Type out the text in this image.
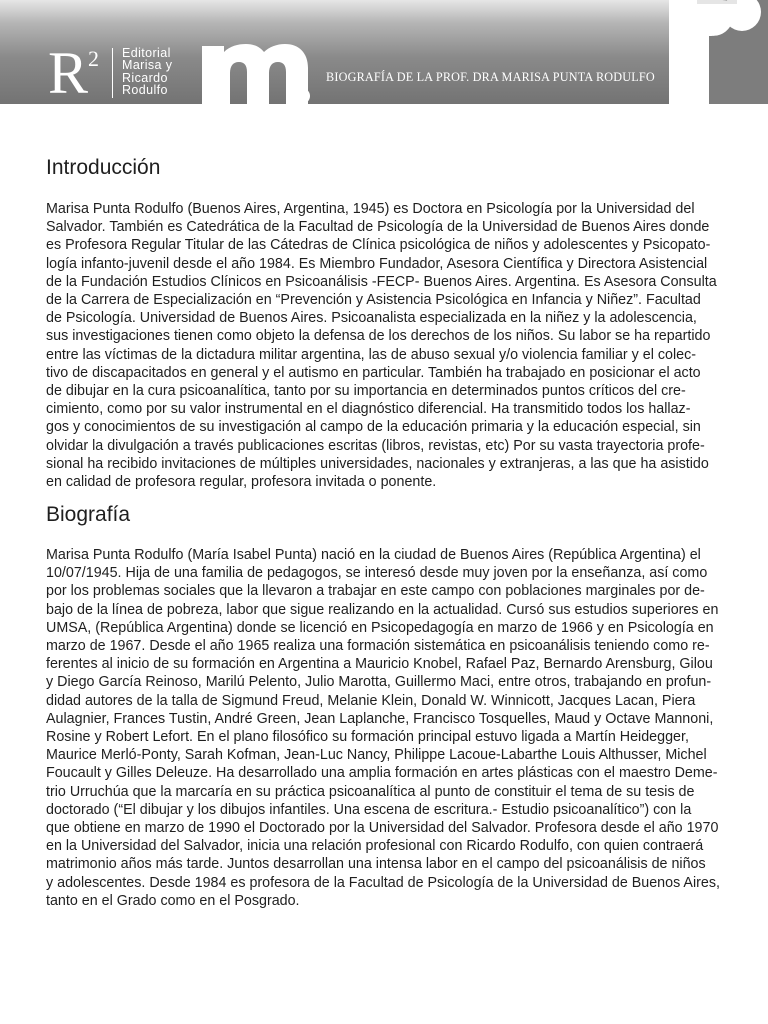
R 2 Editorial
Marisa y
Ricardo
Rodulfo
BIOGRAFÍA DE LA PROF. DRA MARISA PUNTA RODULFO
Introducción

Marisa Punta Rodulfo (Buenos Aires, Argentina, 1945) es Doctora en Psicología por la Universidad del
Salvador. También es Catedrática de la Facultad de Psicología de la Universidad de Buenos Aires donde
es Profesora Regular Titular de las Cátedras de Clínica psicológica de niños y adolescentes y Psicopato-
logía infanto-juvenil desde el año 1984. Es Miembro Fundador, Asesora Científica y Directora Asistencial
de la Fundación Estudios Clínicos en Psicoanálisis -FECP- Buenos Aires. Argentina. Es Asesora Consulta
de la Carrera de Especialización en “Prevención y Asistencia Psicológica en Infancia y Niñez”. Facultad
de Psicología. Universidad de Buenos Aires. Psicoanalista especializada en la niñez y la adolescencia,
sus investigaciones tienen como objeto la defensa de los derechos de los niños. Su labor se ha repartido
entre las víctimas de la dictadura militar argentina, las de abuso sexual y/o violencia familiar y el colec-
tivo de discapacitados en general y el autismo en particular. También ha trabajado en posicionar el acto
de dibujar en la cura psicoanalítica, tanto por su importancia en determinados puntos críticos del cre-
cimiento, como por su valor instrumental en el diagnóstico diferencial. Ha transmitido todos los hallaz-
gos y conocimientos de su investigación al campo de la educación primaria y la educación especial, sin
olvidar la divulgación a través publicaciones escritas (libros, revistas, etc) Por su vasta trayectoria profe-
sional ha recibido invitaciones de múltiples universidades, nacionales y extranjeras, a las que ha asistido
en calidad de profesora regular, profesora invitada o ponente.

Biografía

Marisa Punta Rodulfo (María Isabel Punta) nació en la ciudad de Buenos Aires (República Argentina) el
10/07/1945. Hija de una familia de pedagogos, se interesó desde muy joven por la enseñanza, así como
por los problemas sociales que la llevaron a trabajar en este campo con poblaciones marginales por de-
bajo de la línea de pobreza, labor que sigue realizando en la actualidad. Cursó sus estudios superiores en
UMSA, (República Argentina) donde se licenció en Psicopedagogía en marzo de 1966 y en Psicología en
marzo de 1967. Desde el año 1965 realiza una formación sistemática en psicoanálisis teniendo como re-
ferentes al inicio de su formación en Argentina a Mauricio Knobel, Rafael Paz, Bernardo Arensburg, Gilou
y Diego García Reinoso, Marilú Pelento, Julio Marotta, Guillermo Maci, entre otros, trabajando en profun-
didad autores de la talla de Sigmund Freud, Melanie Klein, Donald W. Winnicott, Jacques Lacan, Piera
Aulagnier, Frances Tustin, André Green, Jean Laplanche, Francisco Tosquelles, Maud y Octave Mannoni,
Rosine y Robert Lefort. En el plano filosófico su formación principal estuvo ligada a Martín Heidegger,
Maurice Merló-Ponty, Sarah Kofman, Jean-Luc Nancy, Philippe Lacoue-Labarthe Louis Althusser, Michel
Foucault y Gilles Deleuze. Ha desarrollado una amplia formación en artes plásticas con el maestro Deme-
trio Urruchúa que la marcaría en su práctica psicoanalítica al punto de constituir el tema de su tesis de
doctorado (“El dibujar y los dibujos infantiles. Una escena de escritura.- Estudio psicoanalítico”) con la
que obtiene en marzo de 1990 el Doctorado por la Universidad del Salvador. Profesora desde el año 1970
en la Universidad del Salvador, inicia una relación profesional con Ricardo Rodulfo, con quien contraerá
matrimonio años más tarde. Juntos desarrollan una intensa labor en el campo del psicoanálisis de niños
y adolescentes. Desde 1984 es profesora de la Facultad de Psicología de la Universidad de Buenos Aires,
tanto en el Grado como en el Posgrado.
